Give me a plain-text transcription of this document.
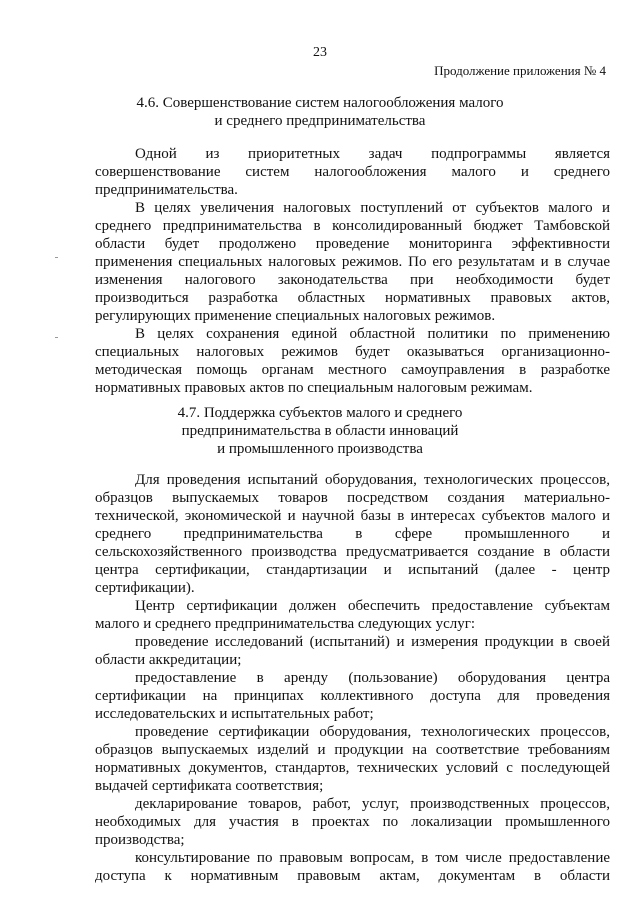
23
Продолжение приложения № 4
4.6. Совершенствование систем налогообложения малого
и среднего предпринимательства
Одной из приоритетных задач подпрограммы является
совершенствование систем налогообложения малого и среднего
предпринимательства.
В целях увеличения налоговых поступлений от субъектов малого и
среднего предпринимательства в консолидированный бюджет Тамбовской
области будет продолжено проведение мониторинга эффективности
применения специальных налоговых режимов. По его результатам и в случае
изменения налогового законодательства при необходимости будет
производиться разработка областных нормативных правовых актов,
регулирующих применение специальных налоговых режимов.
В целях сохранения единой областной политики по применению
специальных налоговых режимов будет оказываться организационно-
методическая помощь органам местного самоуправления в разработке
нормативных правовых актов по специальным налоговым режимам.
4.7. Поддержка субъектов малого и среднего
предпринимательства в области инноваций
и промышленного производства
Для проведения испытаний оборудования, технологических процессов,
образцов выпускаемых товаров посредством создания материально-
технической, экономической и научной базы в интересах субъектов малого и
среднего предпринимательства в сфере промышленного и
сельскохозяйственного производства предусматривается создание в области
центра сертификации, стандартизации и испытаний (далее - центр
сертификации).
Центр сертификации должен обеспечить предоставление субъектам
малого и среднего предпринимательства следующих услуг:
проведение исследований (испытаний) и измерения продукции в своей
области аккредитации;
предоставление в аренду (пользование) оборудования центра
сертификации на принципах коллективного доступа для проведения
исследовательских и испытательных работ;
проведение сертификации оборудования, технологических процессов,
образцов выпускаемых изделий и продукции на соответствие требованиям
нормативных документов, стандартов, технических условий с последующей
выдачей сертификата соответствия;
декларирование товаров, работ, услуг, производственных процессов,
необходимых для участия в проектах по локализации промышленного
производства;
консультирование по правовым вопросам, в том числе предоставление
доступа к нормативным правовым актам, документам в области
